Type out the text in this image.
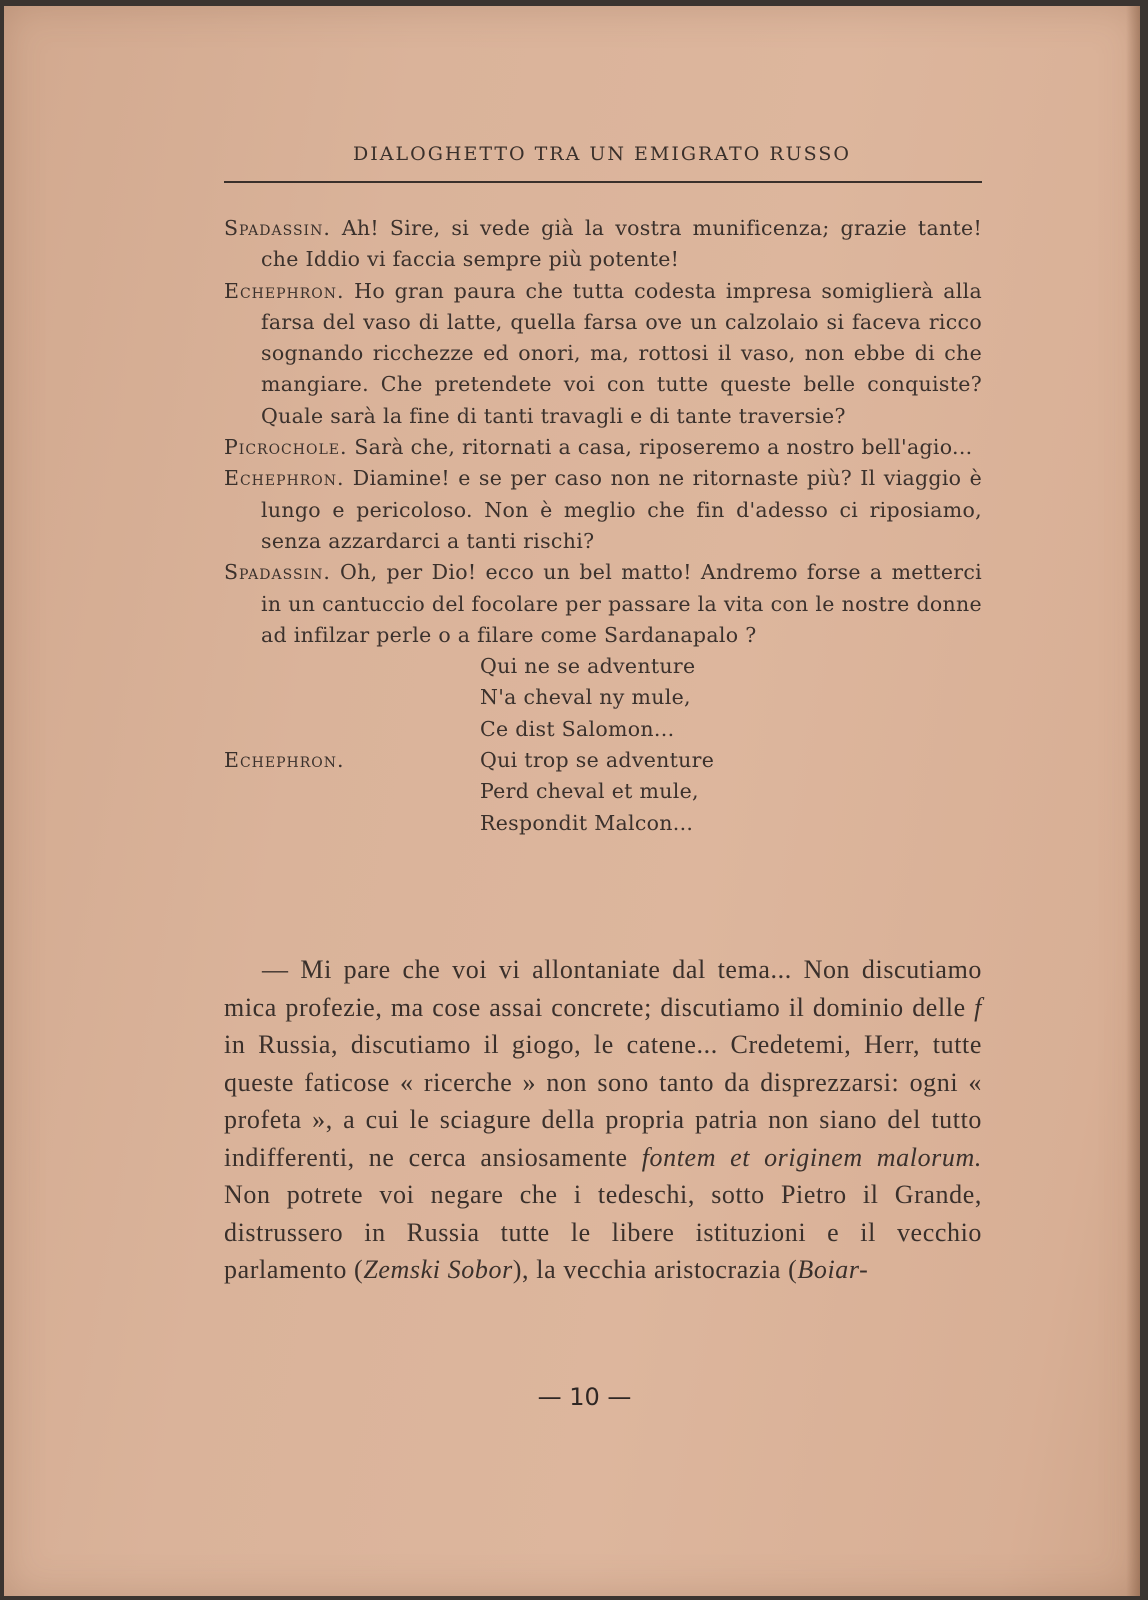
DIALOGHETTO TRA UN EMIGRATO RUSSO

Spadassin. Ah! Sire, si vede già la vostra munificenza; grazie tante! che Iddio vi faccia sempre più potente!

Echephron. Ho gran paura che tutta codesta impresa somiglierà alla farsa del vaso di latte, quella farsa ove un calzolaio si faceva ricco sognando ricchezze ed onori, ma, rottosi il vaso, non ebbe di che mangiare. Che pretendete voi con tutte queste belle conquiste? Quale sarà la fine di tanti travagli e di tante traversie?

Picrochole. Sarà che, ritornati a casa, riposeremo a nostro bell'agio...

Echephron. Diamine! e se per caso non ne ritornaste più? Il viaggio è lungo e pericoloso. Non è meglio che fin d'adesso ci riposiamo, senza azzardarci a tanti rischi?

Spadassin. Oh, per Dio! ecco un bel matto! Andremo forse a metterci in un cantuccio del focolare per passare la vita con le nostre donne ad infilzar perle o a filare come Sardanapalo ?

Qui ne se adventure
N'a cheval ny mule,
Ce dist Salomon...
Echephron.	Qui trop se adventure
Perd cheval et mule,
Respondit Malcon...

— Mi pare che voi vi allontaniate dal tema... Non discutiamo mica profezie, ma cose assai concrete; discutiamo il dominio delle f in Russia, discutiamo il giogo, le catene... Credetemi, Herr, tutte queste faticose « ricerche » non sono tanto da disprezzarsi: ogni « profeta », a cui le sciagure della propria patria non siano del tutto indifferenti, ne cerca ansiosamente fontem et originem malorum. Non potrete voi negare che i tedeschi, sotto Pietro il Grande, distrussero in Russia tutte le libere istituzioni e il vecchio parlamento (Zemski Sobor), la vecchia aristocrazia (Boiar-

— 10 —
